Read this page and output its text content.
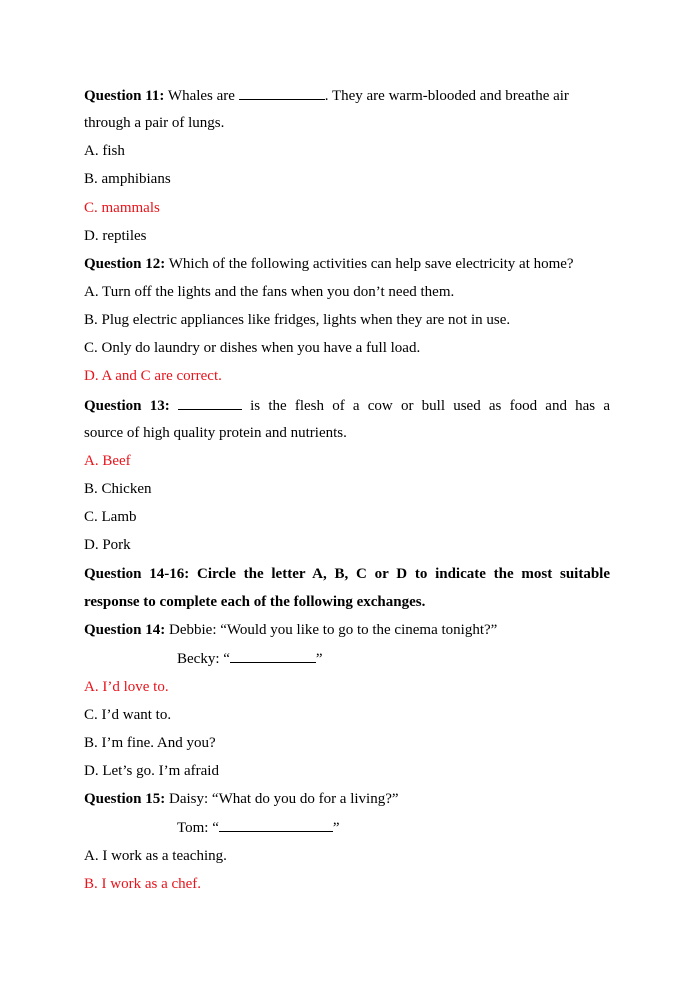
Question 11: Whales are	. They are warm-blooded and breathe air
through a pair of lungs.
A. fish
B. amphibians
C. mammals
D. reptiles
Question 12: Which of the following activities can help save electricity at home?
A. Turn off the lights and the fans when you don’t need them.
B. Plug electric appliances like fridges, lights when they are not in use.
C. Only do laundry or dishes when you have a full load.
D. A and C are correct.
Question 13:	is the flesh of a cow or bull used as food and has a
source of high quality protein and nutrients.
A. Beef
B. Chicken
C. Lamb
D. Pork
Question 14-16: Circle the letter A, B, C or D to indicate the most suitable
response to complete each of the following exchanges.
Question 14: Debbie: “Would you like to go to the cinema tonight?”
Becky: “	”
A. I’d love to.
C. I’d want to.
B. I’m fine. And you?
D. Let’s go. I’m afraid
Question 15: Daisy: “What do you do for a living?”
Tom: “	”
A. I work as a teaching.
B. I work as a chef.
